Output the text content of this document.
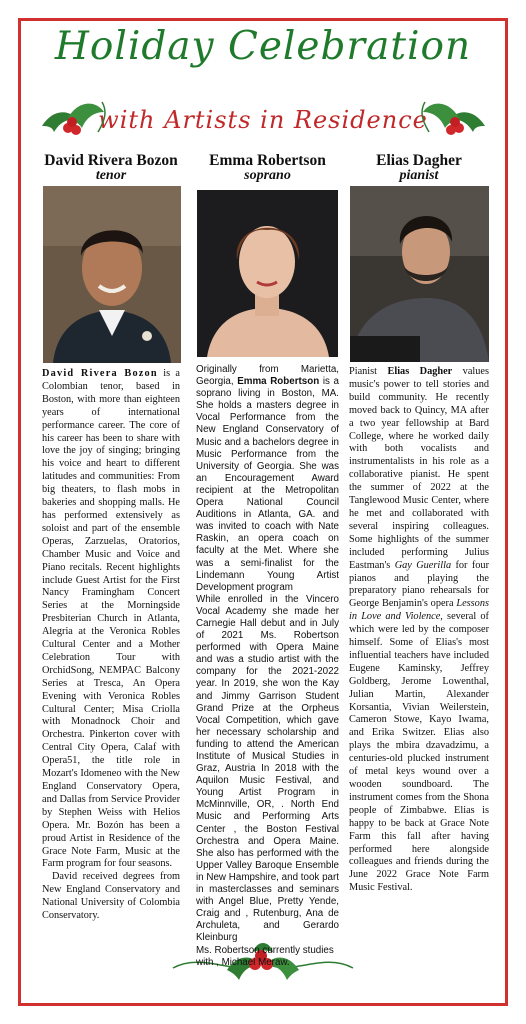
Holiday Celebration
with Artists in Residence

David Rivera Bozon

tenor

Emma Robertson

soprano

Elias Dagher

pianist

David Rivera Bozon is a Colombian tenor, based in Boston, with more than eighteen years of international performance career. The core of his career has been to share with love the joy of singing; bringing his voice and heart to different latitudes and communities: From big theaters, to flash mobs in bakeries and shopping malls. He has performed extensively as soloist and part of the ensemble Operas, Zarzuelas, Oratorios, Chamber Music and Voice and Piano recitals. Recent highlights include Guest Artist for the First Nancy Framingham Concert Series at the Morningside Presbiterian Church in Atlanta, Alegria at the Veronica Robles Cultural Center and a Mother Celebration Tour with OrchidSong, NEMPAC Balcony Series at Tresca, An Opera Evening with Veronica Robles Cultural Center; Misa Criolla with Monadnock Choir and Orchestra. Pinkerton cover with Central City Opera, Calaf with Opera51, the title role in Mozart's Idomeneo with the New England Conservatory Opera, and Dallas from Service Provider by Stephen Weiss with Helios Opera. Mr. Bozón has been a proud Artist in Residence of the Grace Note Farm, Music at the Farm program for four seasons.

David received degrees from New England Conservatory and National University of Colombia Conservatory.

Originally from Marietta, Georgia, Emma Robertson is a soprano living in Boston, MA. She holds a masters degree in Vocal Performance from the New England Conservatory of Music and a bachelors degree in Music Performance from the University of Georgia. She was an Encouragement Award recipient at the Metropolitan Opera National Council Auditions in Atlanta, GA. and was invited to coach with Nate Raskin, an opera coach on faculty at the Met. Where she was a semi-finalist for the Lindemann Young Artist Development program

While enrolled in the Vincero Vocal Academy she made her Carnegie Hall debut and in July of 2021 Ms. Robertson performed with Opera Maine and was a studio artist with the company for the 2021-2022 year. In 2019, she won the Kay and Jimmy Garrison Student Grand Prize at the Orpheus Vocal Competition, which gave her necessary scholarship and funding to attend the American Institute of Musical Studies in Graz, Austria In 2018 with the Aquilon Music Festival, and Young Artist Program in McMinnville, OR, . North End Music and Performing Arts Center , the Boston Festival Orchestra and Opera Maine. She also has performed with the Upper Valley Baroque Ensemble in New Hampshire, and took part in masterclasses and seminars with Angel Blue, Pretty Yende, Craig and , Rutenburg, Ana de Archuleta, and Gerardo Kleinburg

Ms. Robertson currently studies with , Michael Meraw.

Pianist Elias Dagher values music's power to tell stories and build community. He recently moved back to Quincy, MA after a two year fellowship at Bard College, where he worked daily with both vocalists and instrumentalists in his role as a collaborative pianist. He spent the summer of 2022 at the Tanglewood Music Center, where he met and collaborated with several inspiring colleagues. Some highlights of the summer included performing Julius Eastman's Gay Guerilla for four pianos and playing the preparatory piano rehearsals for George Benjamin's opera Lessons in Love and Violence, several of which were led by the composer himself. Some of Elias's most influential teachers have included Eugene Kaminsky, Jeffrey Goldberg, Jerome Lowenthal, Julian Martin, Alexander Korsantia, Vivian Weilerstein, Cameron Stowe, Kayo Iwama, and Erika Switzer. Elias also plays the mbira dzavadzimu, a centuries-old plucked instrument of metal keys wound over a wooden soundboard. The instrument comes from the Shona people of Zimbabwe. Elias is happy to be back at Grace Note Farm this fall after having performed here alongside colleagues and friends during the June 2022 Grace Note Farm Music Festival.
